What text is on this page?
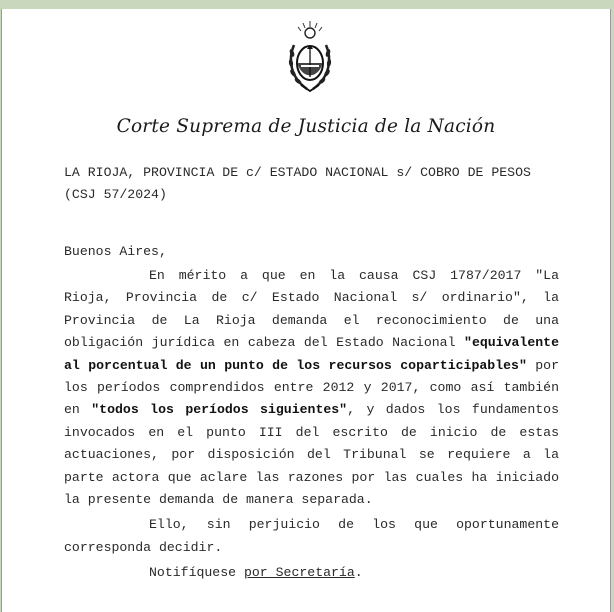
Corte Suprema de Justicia de la Nación
LA RIOJA, PROVINCIA DE c/ ESTADO NACIONAL s/ COBRO DE PESOS
(CSJ 57/2024)
Buenos Aires,

En mérito a que en la causa CSJ 1787/2017 "La Rioja, Provincia de c/ Estado Nacional s/ ordinario", la Provincia de La Rioja demanda el reconocimiento de una obligación jurídica en cabeza del Estado Nacional "equivalente al porcentual de un punto de los recursos coparticipables" por los períodos comprendidos entre 2012 y 2017, como así también en "todos los períodos siguientes", y dados los fundamentos invocados en el punto III del escrito de inicio de estas actuaciones, por disposición del Tribunal se requiere a la parte actora que aclare las razones por las cuales ha iniciado la presente demanda de manera separada.

Ello, sin perjuicio de los que oportunamente corresponda decidir.

Notifíquese por Secretaría.
